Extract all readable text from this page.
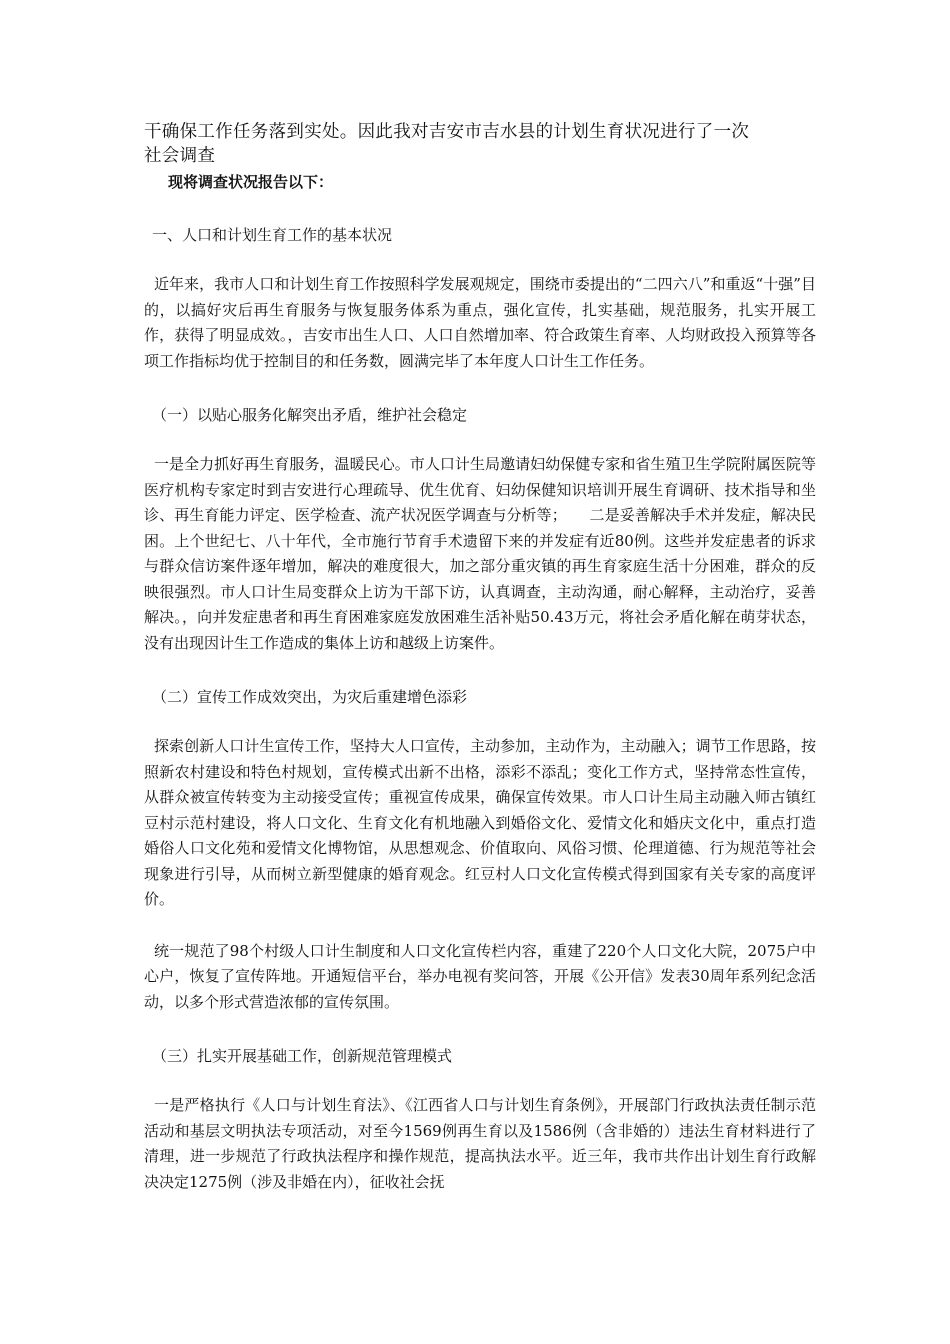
干确保工作任务落到实处。因此我对吉安市吉水县的计划生育状况进行了一次
社会调查

现将调查状况报告以下：

一、人口和计划生育工作的基本状况

近年来，我市人口和计划生育工作按照科学发展观规定，围绕市委提出的“二四六八”和重返“十强”目的，以搞好灾后再生育服务与恢复服务体系为重点，强化宣传，扎实基础，规范服务，扎实开展工作，获得了明显成效。，吉安市出生人口、人口自然增加率、符合政策生育率、人均财政投入预算等各项工作指标均优于控制目的和任务数，圆满完毕了本年度人口计生工作任务。

（一）以贴心服务化解突出矛盾，维护社会稳定

一是全力抓好再生育服务，温暖民心。市人口计生局邀请妇幼保健专家和省生殖卫生学院附属医院等医疗机构专家定时到吉安进行心理疏导、优生优育、妇幼保健知识培训开展生育调研、技术指导和坐诊、再生育能力评定、医学检查、流产状况医学调查与分析等；　　二是妥善解决手术并发症，解决民困。上个世纪七、八十年代，全市施行节育手术遗留下来的并发症有近80例。这些并发症患者的诉求与群众信访案件逐年增加，解决的难度很大，加之部分重灾镇的再生育家庭生活十分困难，群众的反映很强烈。市人口计生局变群众上访为干部下访，认真调查，主动沟通，耐心解释，主动治疗，妥善解决。，向并发症患者和再生育困难家庭发放困难生活补贴50.43万元，将社会矛盾化解在萌芽状态，没有出现因计生工作造成的集体上访和越级上访案件。

（二）宣传工作成效突出，为灾后重建增色添彩

探索创新人口计生宣传工作，坚持大人口宣传，主动参加，主动作为，主动融入；调节工作思路，按照新农村建设和特色村规划，宣传模式出新不出格，添彩不添乱；变化工作方式，坚持常态性宣传，从群众被宣传转变为主动接受宣传；重视宣传成果，确保宣传效果。市人口计生局主动融入师古镇红豆村示范村建设，将人口文化、生育文化有机地融入到婚俗文化、爱情文化和婚庆文化中，重点打造婚俗人口文化苑和爱情文化博物馆，从思想观念、价值取向、风俗习惯、伦理道德、行为规范等社会现象进行引导，从而树立新型健康的婚育观念。红豆村人口文化宣传模式得到国家有关专家的高度评价。

统一规范了98个村级人口计生制度和人口文化宣传栏内容，重建了220个人口文化大院，2075户中心户，恢复了宣传阵地。开通短信平台，举办电视有奖问答，开展《公开信》发表30周年系列纪念活动，以多个形式营造浓郁的宣传氛围。

（三）扎实开展基础工作，创新规范管理模式

一是严格执行《人口与计划生育法》、《江西省人口与计划生育条例》，开展部门行政执法责任制示范活动和基层文明执法专项活动，对至今1569例再生育以及1586例（含非婚的）违法生育材料进行了清理，进一步规范了行政执法程序和操作规范，提高执法水平。近三年，我市共作出计划生育行政解决决定1275例（涉及非婚在内），征收社会抚
